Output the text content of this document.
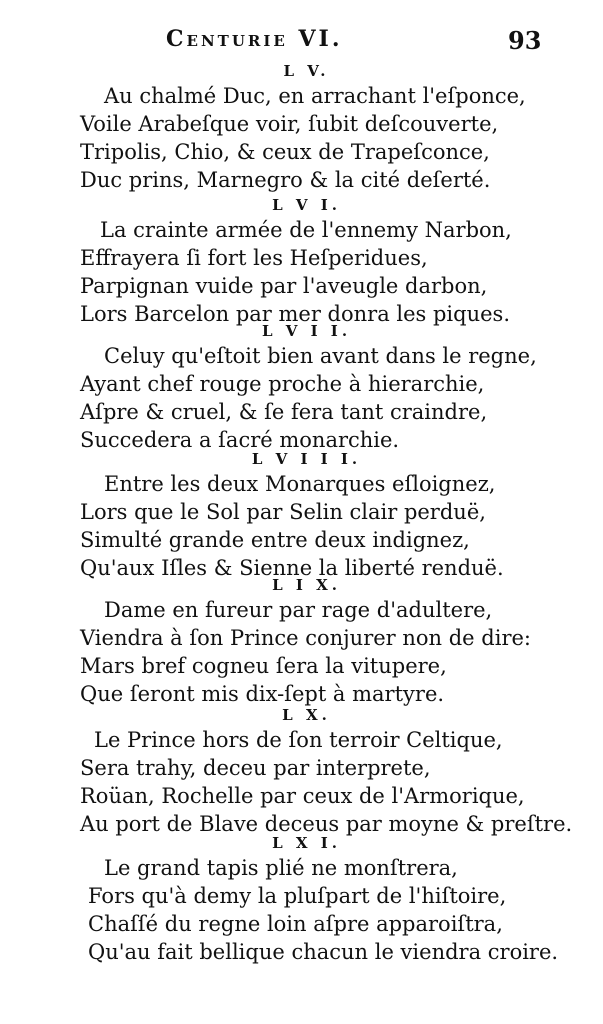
Centurie VI.	93
L V.
Au chalmé Duc, en arrachant l'eſponce,
Voile Arabeſque voir, ſubit deſcouverte,
Tripolis, Chio, & ceux de Trapeſconce,
Duc prins, Marnegro & la cité deſerté.
L V I.
La crainte armée de l'ennemy Narbon,
Effrayera ſi fort les Heſperidues,
Parpignan vuide par l'aveugle darbon,
Lors Barcelon par mer donra les piques.
L V I I.
Celuy qu'eſtoit bien avant dans le regne,
Ayant chef rouge proche à hierarchie,
Aſpre & cruel, & ſe fera tant craindre,
Succedera a ſacré monarchie.
L V I I I.
Entre les deux Monarques eſloignez,
Lors que le Sol par Selin clair perduë,
Simulté grande entre deux indignez,
Qu'aux Iſles & Sienne la liberté renduë.
L I X.
Dame en fureur par rage d'adultere,
Viendra à ſon Prince conjurer non de dire:
Mars bref cogneu ſera la vitupere,
Que ſeront mis dix-ſept à martyre.
L X.
Le Prince hors de ſon terroir Celtique,
Sera trahy, deceu par interprete,
Roüan, Rochelle par ceux de l'Armorique,
Au port de Blave deceus par moyne & preſtre.
L X I.
Le grand tapis plié ne monſtrera,
Fors qu'à demy la pluſpart de l'hiſtoire,
Chaſſé du regne loin aſpre apparoiſtra,
Qu'au fait bellique chacun le viendra croire.
